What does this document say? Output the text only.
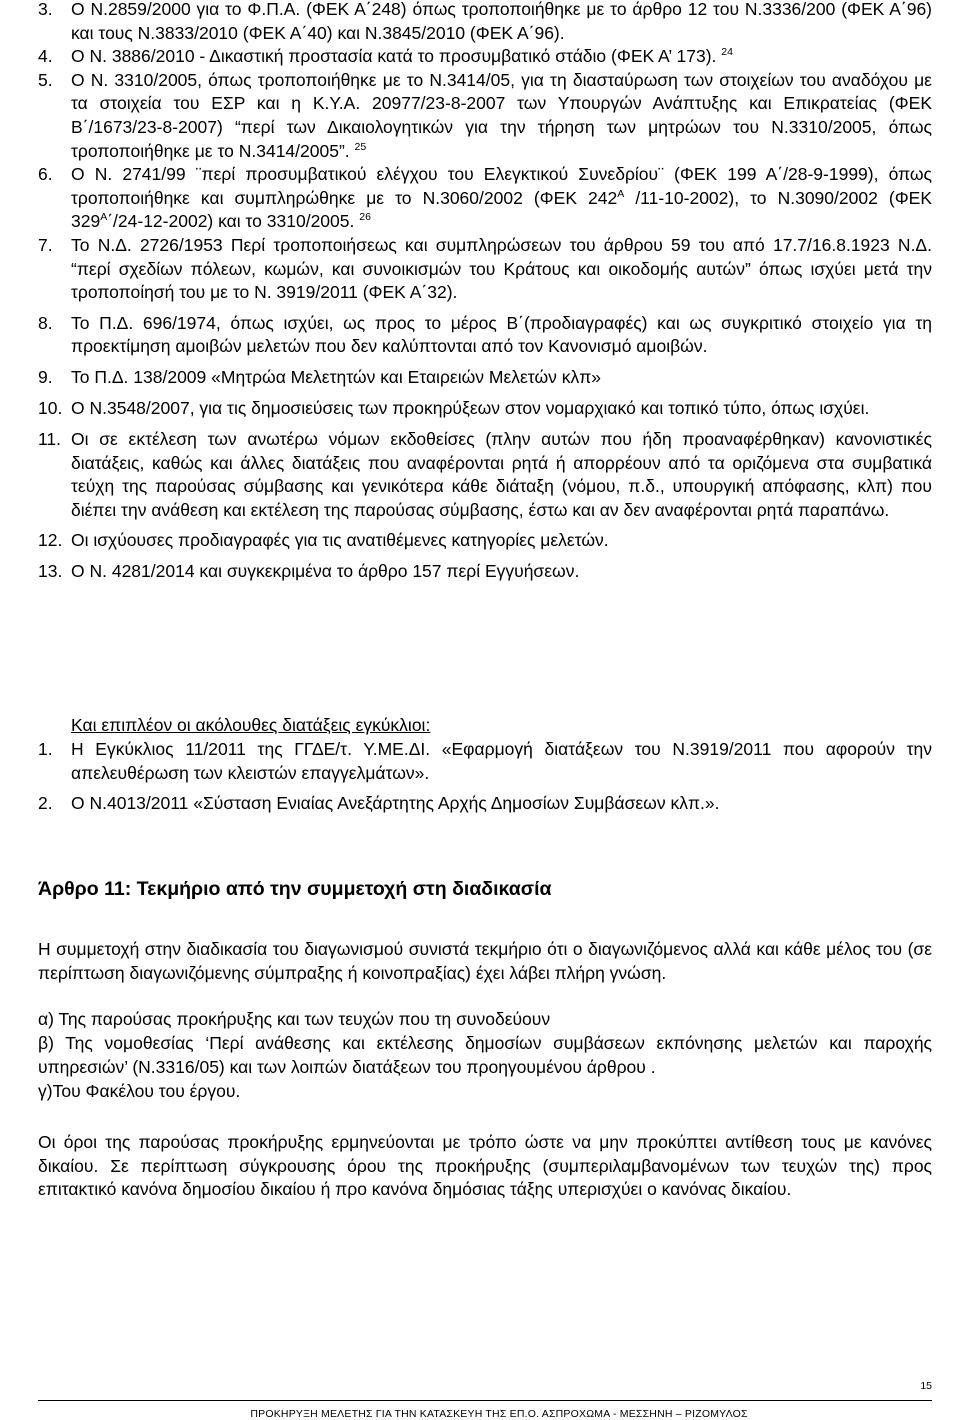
3. Ο Ν.2859/2000 για το Φ.Π.Α. (ΦΕΚ Α΄248) όπως τροποποιήθηκε με το άρθρο 12 του Ν.3336/200 (ΦΕΚ Α΄96) και τους Ν.3833/2010 (ΦΕΚ Α΄40) και Ν.3845/2010 (ΦΕΚ Α΄96).
4. Ο Ν. 3886/2010 - Δικαστική προστασία κατά το προσυμβατικό στάδιο (ΦΕΚ Α’ 173). $^{24}$
5. Ο Ν. 3310/2005, όπως τροποποιήθηκε με το Ν.3414/05, για τη διασταύρωση των στοιχείων του αναδόχου με τα στοιχεία του ΕΣΡ και η Κ.Υ.Α. 20977/23-8-2007 των Υπουργών Ανάπτυξης και Επικρατείας (ΦΕΚ Β΄/1673/23-8-2007) “περί των Δικαιολογητικών για την τήρηση των μητρώων του Ν.3310/2005, όπως τροποποιήθηκε με το Ν.3414/2005”. $^{25}$
6. Ο Ν. 2741/99 ¨περί προσυμβατικού ελέγχου του Ελεγκτικού Συνεδρίου¨ (ΦΕΚ 199 Α΄/28-9-1999), όπως τροποποιήθηκε και συμπληρώθηκε με το Ν.3060/2002 (ΦΕΚ $242^A$ /11-10-2002), το Ν.3090/2002 (ΦΕΚ $329^A΄/24-12-2002$) και το 3310/2005. $^{26}$
7. Το Ν.Δ. 2726/1953 Περί τροποποιήσεως και συμπληρώσεων του άρθρου 59 του από 17.7/16.8.1923 Ν.Δ. “περί σχεδίων πόλεων, κωμών, και συνοικισμών του Κράτους και οικοδομής αυτών” όπως ισχύει μετά την τροποποίησή του με το Ν. 3919/2011 (ΦΕΚ Α΄32).
8. Το Π.Δ. 696/1974, όπως ισχύει, ως προς το μέρος Β΄(προδιαγραφές) και ως συγκριτικό στοιχείο για τη προεκτίμηση αμοιβών μελετών που δεν καλύπτονται από τον Κανονισμό αμοιβών.
9. Το Π.Δ. 138/2009 «Μητρώα Μελετητών και Εταιρειών Μελετών κλπ»
10. Ο Ν.3548/2007, για τις δημοσιεύσεις των προκηρύξεων στον νομαρχιακό και τοπικό τύπο, όπως ισχύει.
11. Οι σε εκτέλεση των ανωτέρω νόμων εκδοθείσες (πλην αυτών που ήδη προαναφέρθηκαν) κανονιστικές διατάξεις, καθώς και άλλες διατάξεις που αναφέρονται ρητά ή απορρέουν από τα οριζόμενα στα συμβατικά τεύχη της παρούσας σύμβασης και γενικότερα κάθε διάταξη (νόμου, π.δ., υπουργική απόφασης, κλπ) που διέπει την ανάθεση και εκτέλεση της παρούσας σύμβασης, έστω και αν δεν αναφέρονται ρητά παραπάνω.
12. Οι ισχύουσες προδιαγραφές για τις ανατιθέμενες κατηγορίες μελετών.
13. Ο Ν. 4281/2014 και συγκεκριμένα το άρθρο 157 περί Εγγυήσεων.
Και επιπλέον οι ακόλουθες διατάξεις εγκύκλιοι:
1. Η Εγκύκλιος 11/2011 της ΓΓΔΕ/τ. Υ.ΜΕ.ΔΙ. «Εφαρμογή διατάξεων του Ν.3919/2011 που αφορούν την απελευθέρωση των κλειστών επαγγελμάτων».
2. Ο Ν.4013/2011 «Σύσταση Ενιαίας Ανεξάρτητης Αρχής Δημοσίων Συμβάσεων κλπ.».
Άρθρο 11: Τεκμήριο από την συμμετοχή στη διαδικασία

Η συμμετοχή στην διαδικασία του διαγωνισμού συνιστά τεκμήριο ότι ο διαγωνιζόμενος αλλά και κάθε μέλος του (σε περίπτωση διαγωνιζόμενης σύμπραξης ή κοινοπραξίας) έχει λάβει πλήρη γνώση.

α) Της παρούσας προκήρυξης και των τευχών που τη συνοδεύουν

β) Της νομοθεσίας ‘Περί ανάθεσης και εκτέλεσης δημοσίων συμβάσεων εκπόνησης μελετών και παροχής υπηρεσιών’ (Ν.3316/05) και των λοιπών διατάξεων του προηγουμένου άρθρου .

γ)Του Φακέλου του έργου.

Οι όροι της παρούσας προκήρυξης ερμηνεύονται με τρόπο ώστε να μην προκύπτει αντίθεση τους με κανόνες δικαίου. Σε περίπτωση σύγκρουσης όρου της προκήρυξης (συμπεριλαμβανομένων των τευχών της) προς επιτακτικό κανόνα δημοσίου δικαίου ή προ κανόνα δημόσιας τάξης υπερισχύει ο κανόνας δικαίου.

15
ΠΡΟΚΗΡΥΞΗ ΜΕΛΕΤΗΣ ΓΙΑ ΤΗΝ ΚΑΤΑΣΚΕΥΗ ΤΗΣ ΕΠ.Ο. ΑΣΠΡΟΧΩΜΑ - ΜΕΣΣΗΝΗ – ΡΙΖΟΜΥΛΟΣ
